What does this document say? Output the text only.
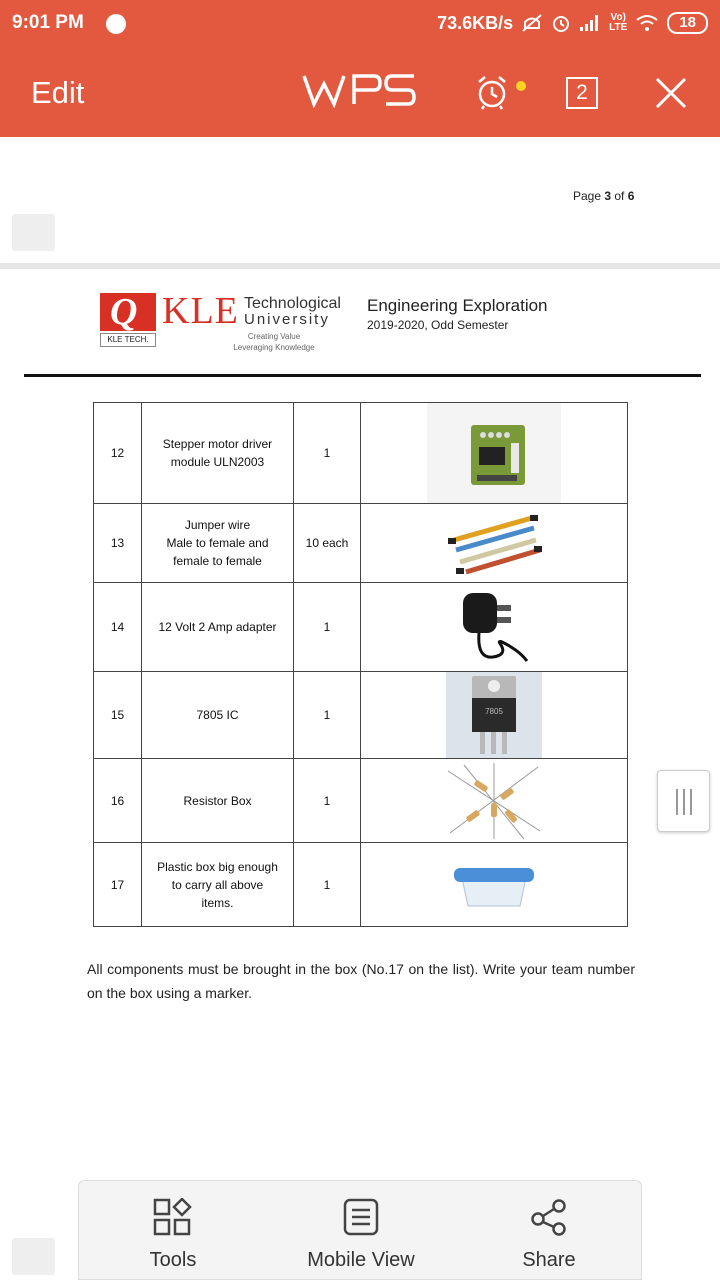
9:01 PM	73.6KB/s	Vo)
LTE	18
Edit	2
Page 3 of 6
Q
KLE TECH.
KLE Technological
University
Creating Value
Leveraging Knowledge
Engineering Exploration
2019-2020, Odd Semester
12	Stepper motor driver
module ULN2003	1	

13	Jumper wire
Male to female and
female to female	10 each	

14	12 Volt 2 Amp adapter	1	

15	7805 IC	1	7805

16	Resistor Box	1	

17	Plastic box big enough
to carry all above
items.	1	
All components must be brought in the box (No.17 on the list). Write your team number on the box using a marker.
Tools	Mobile View	Share
